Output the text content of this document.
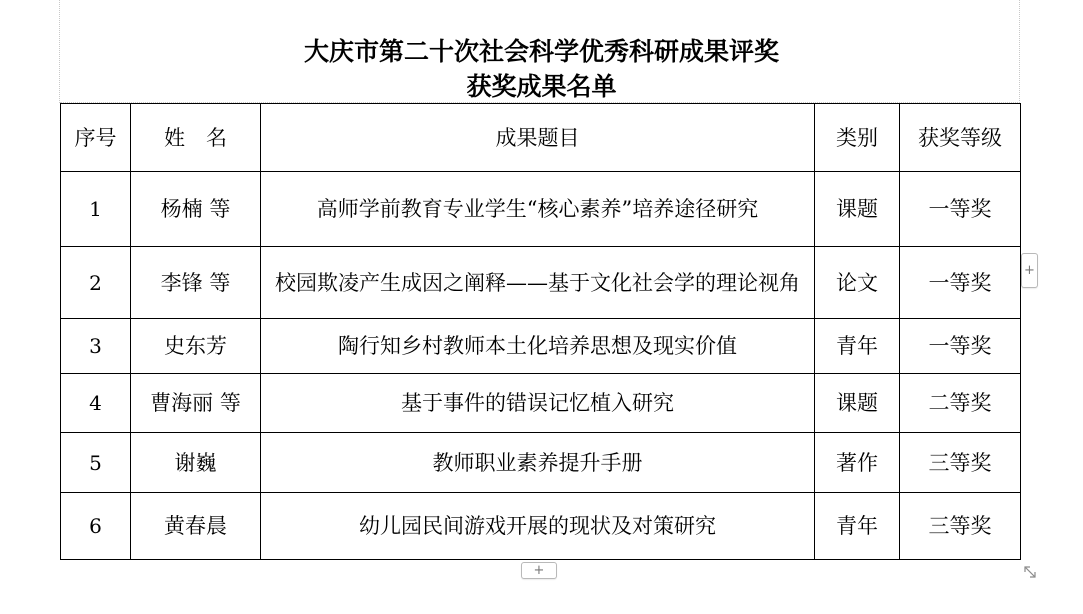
大庆市第二十次社会科学优秀科研成果评奖
获奖成果名单
序号	姓　名	成果题目	类别	获奖等级
1	杨楠 等	高师学前教育专业学生“核心素养”培养途径研究	课题	一等奖
2	李锋 等	校园欺凌产生成因之阐释——基于文化社会学的理论视角	论文	一等奖
3	史东芳	陶行知乡村教师本土化培养思想及现实价值	青年	一等奖
4	曹海丽 等	基于事件的错误记忆植入研究	课题	二等奖
5	谢巍	教师职业素养提升手册	著作	三等奖
6	黄春晨	幼儿园民间游戏开展的现状及对策研究	青年	三等奖
+
+
